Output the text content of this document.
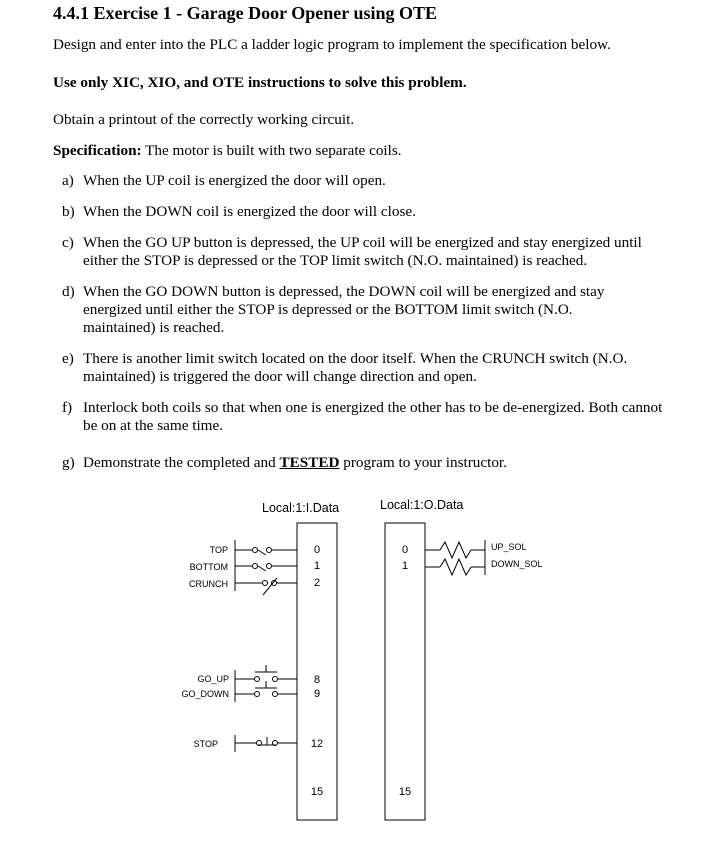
4.4.1 Exercise 1 - Garage Door Opener using OTE

Design and enter into the PLC a ladder logic program to implement the specification below.

Use only XIC, XIO, and OTE instructions to solve this problem.

Obtain a printout of the correctly working circuit.

Specification: The motor is built with two separate coils.

a) When the UP coil is energized the door will open.
b) When the DOWN coil is energized the door will close.
c) When the GO UP button is depressed, the UP coil will be energized and stay energized until
either the STOP is depressed or the TOP limit switch (N.O. maintained) is reached.
d) When the GO DOWN button is depressed, the DOWN coil will be energized and stay
energized until either the STOP is depressed or the BOTTOM limit switch (N.O.
maintained) is reached.
e) There is another limit switch located on the door itself. When the CRUNCH switch (N.O.
maintained) is triggered the door will change direction and open.
f) Interlock both coils so that when one is energized the other has to be de-energized. Both cannot
be on at the same time.
g) Demonstrate the completed and TESTED program to your instructor.
Local:1:I.Data	Local:1:O.Data
TOP
BOTTOM
CRUNCH
GO_UP
GO_DOWN
STOP
0
1
2
8
9
12
15
0
1
15
UP_SOL
DOWN_SOL
